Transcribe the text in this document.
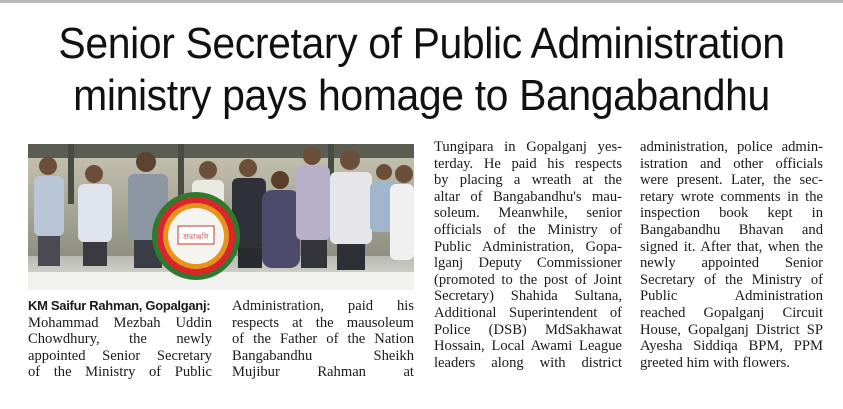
Senior Secretary of Public Administration
ministry pays homage to Bangabandhu
শ্রদ্ধাঞ্জলি
KM Saifur Rahman, Gopalganj:
Mohammad Mezbah Uddin
Chowdhury, the newly
appointed Senior Secretary
of the Ministry of Public
Administration, paid his
respects at the mausoleum
of the Father of the Nation
Bangabandhu Sheikh
Mujibur Rahman at
Tungipara in Gopalganj yes-
terday. He paid his respects
by placing a wreath at the
altar of Bangabandhu's mau-
soleum. Meanwhile, senior
officials of the Ministry of
Public Administration, Gopa-
lganj Deputy Commissioner
(promoted to the post of Joint
Secretary) Shahida Sultana,
Additional Superintendent of
Police (DSB) MdSakhawat
Hossain, Local Awami League
leaders along with district
administration, police admin-
istration and other officials
were present. Later, the sec-
retary wrote comments in the
inspection book kept in
Bangabandhu Bhavan and
signed it. After that, when the
newly appointed Senior
Secretary of the Ministry of
Public Administration
reached Gopalganj Circuit
House, Gopalganj District SP
Ayesha Siddiqa BPM, PPM
greeted him with flowers.
